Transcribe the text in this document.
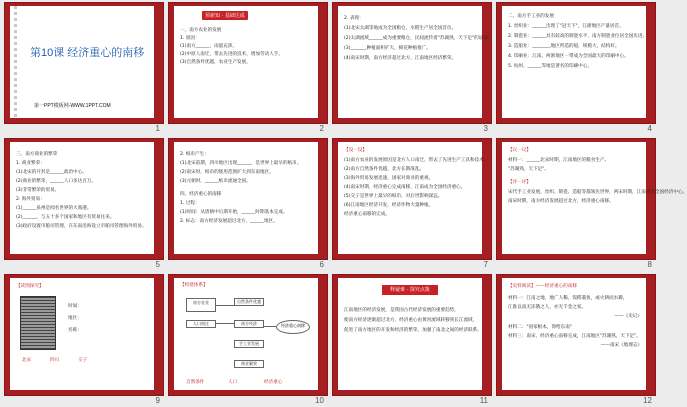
第10课 经济重心的南移
第一PPT模板网-WWW.1PPT.COM
1
预新知 · 基础达成
一、南方农业的发展
1. 原因：
(1)南方______，雨量充沛。
(2)中原人南迁，带去先进的技术，增加劳动人手。
(3)自然条件优越，农业生产发展。
2
2. 表现：
(1)北宋太湖等地成为全国粮仓，水稻生产居全国首位。
(2)太湖流域______成为重要粮仓，民间流传着"苏湖熟，天下足"的谚语。
(3)_______种植面积扩大，棉花种植推广。
(4)南宋时期，南方经济超过北方，江南地区经济繁荣。
3
二、南方手工业的发展
1. 丝织业：______出现了"冠天下"，江浙地区产量居首。
2. 制瓷业：______具有较高的制瓷水平，南方制瓷业位居全国先进。
3. 造船业：________地区所造的船，规模大，结构好。
4. 印刷业：江南、两浙地区一带成为全国最大的印刷中心。
5. 杭州、______等地是著名的印刷中心。
4
三、南方商业的繁荣
1. 商业繁荣：
(1)北宋的开封是______政治中心。
(2)商业的繁荣，______人口多达百万。
(3)非常繁荣的贸易。
2. 海外贸易：
(1)______泉州是闻名世界的大商港。
(2)______，与五十多个国家和地区有贸易往来。
(3)政府设置市舶司管理，在东南沿海设立市舶司管理海外贸易。
5
2. 纸币产生：
(1)北宋前期，四川地区出现______，是世界上最早的纸币。
(2)南宋时，纸币的使用范围扩大到东南地区。
(3)元朝时，______纸币流通全国。
四、经济重心的南移
1. 过程：
(1)时间：从唐朝中后期开始，______时期基本完成。
2. 标志：南方经济发展超过北方，______地区。
6
【设一设】
(1)南方农业的发展原因是北方人口南迁，带去了先进生产工具和技术。
(2)南方自然条件优越，北方长期战乱。
(3)海外贸易发展迅速，国家对商业的重视。
(4)南宋时期，经济重心完成南移，江南成为全国经济重心。
(5)交子是世界上最早的纸币，对后世影响深远。
(6)江南地区经济开发，经济作物大量种植。
经济重心南移的完成。
7
【议一议】
材料一：______北宋时期，江南地区的粮食生产。
"苏湖熟，天下足"。
【评一评】
宋代手工业发展，丝织、制瓷、造船等都领先世界，两宋时期，江南成为全国经济中心。
南宋时期，南方经济发展超过北方，经济重心南移。
8
【读图探究】
时间：
地区：
名称：
北宋	四川	交子
9
【构建体系】
南方农业
人口南迁
自然条件优越
南方经济
手工业发展
商业繁荣
经济重心南移
自然条件	人口	经济重心
10
释疑难 · 探究点拨
江南地区的经济发展，是我国古代经济发展的重要趋势，
使南方经济逐渐超过北方，经济重心由黄河流域转移到长江流域，
促进了南方地区的开发和经济的繁荣，加强了南北之间的经济联系。
11
【史料阅读】——经济重心的南移
材料一：江南之地，地广人稀，饭稻羹鱼，或火耕而水耨，
江淮以南无冻饿之人，亦无千金之家。
——《史记》
材料二："国家根本，仰给东南"
材料三：南宋，经济重心南移完成，江南地区"苏湖熟，天下足"。
——南宋《地理志》
12
